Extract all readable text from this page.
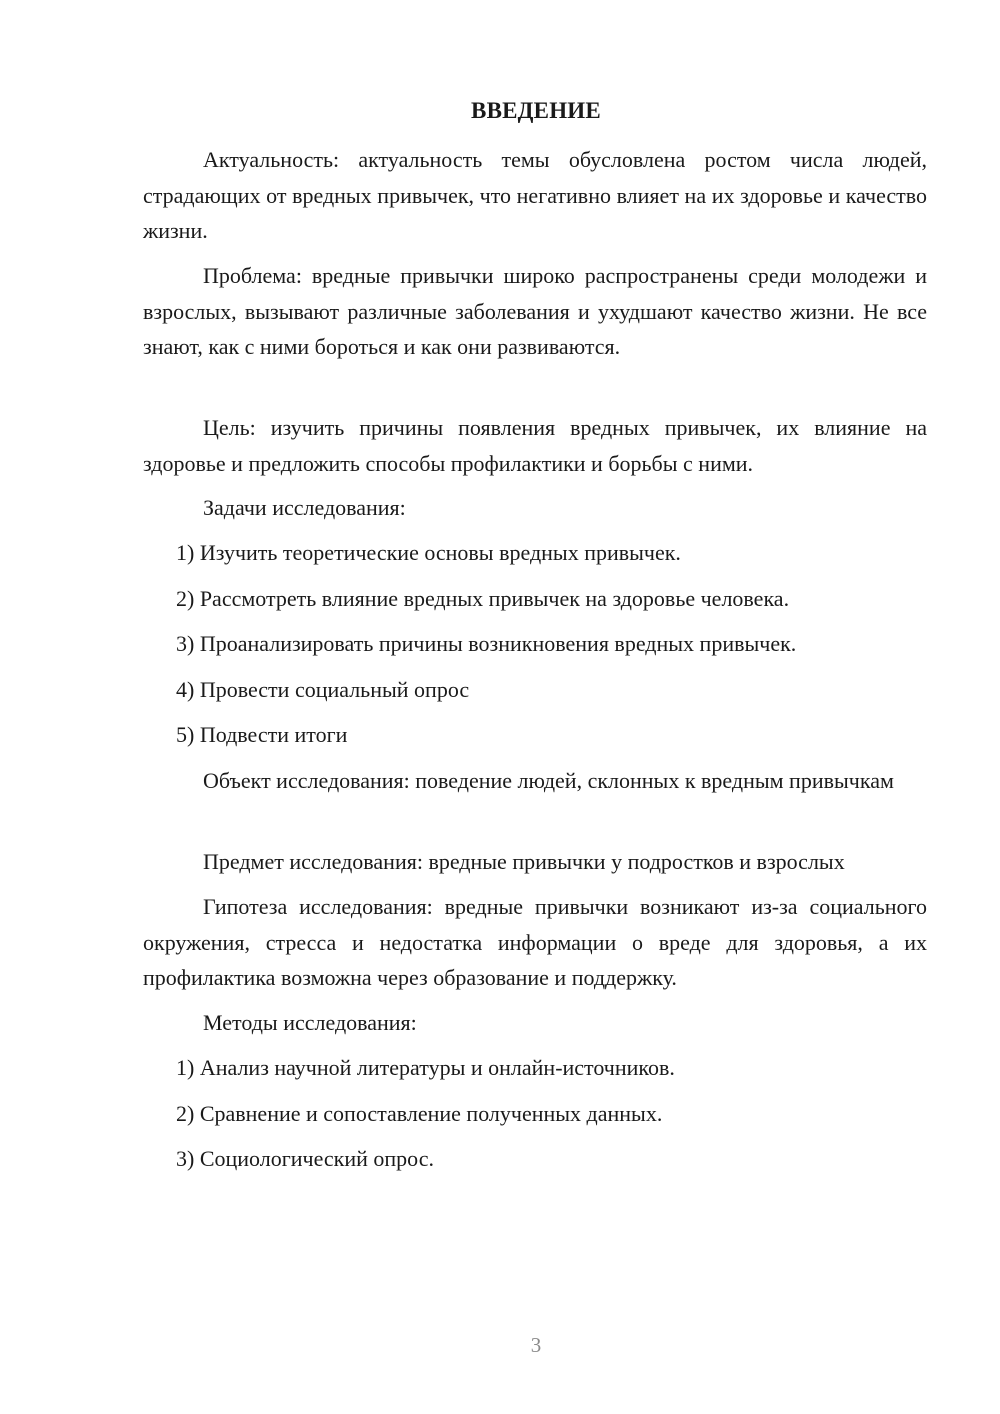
ВВЕДЕНИЕ

Актуальность: актуальность темы обусловлена ростом числа людей, страдающих от вредных привычек, что негативно влияет на их здоровье и качество жизни.

Проблема: вредные привычки широко распространены среди молодежи и взрослых, вызывают различные заболевания и ухудшают качество жизни. Не все знают, как с ними бороться и как они развиваются.

Цель: изучить причины появления вредных привычек, их влияние на здоровье и предложить способы профилактики и борьбы с ними.

Задачи исследования:

1) Изучить теоретические основы вредных привычек.

2) Рассмотреть влияние вредных привычек на здоровье человека.

3) Проанализировать причины возникновения вредных привычек.

4) Провести социальный опрос

5) Подвести итоги

Объект исследования: поведение людей, склонных к вредным привычкам

Предмет исследования: вредные привычки у подростков и взрослых

Гипотеза исследования: вредные привычки возникают из-за социального окружения, стресса и недостатка информации о вреде для здоровья, а их профилактика возможна через образование и поддержку.

Методы исследования:

1) Анализ научной литературы и онлайн-источников.

2) Сравнение и сопоставление полученных данных.

3) Социологический опрос.

3
